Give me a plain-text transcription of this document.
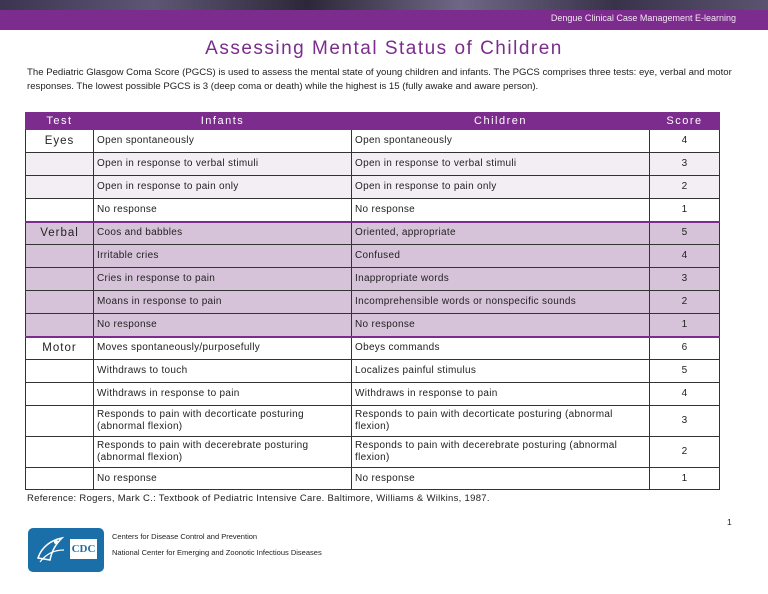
Dengue Clinical Case Management E-learning
Assessing Mental Status of Children
The Pediatric Glasgow Coma Score (PGCS) is used to assess the mental state of young children and infants. The PGCS comprises three tests: eye, verbal and motor responses. The lowest possible PGCS is 3 (deep coma or death) while the highest is 15 (fully awake and aware person).
Test	Infants	Children	Score
Eyes	Open spontaneously	Open spontaneously	4
	Open in response to verbal stimuli	Open in response to verbal stimuli	3
	Open in response to pain only	Open in response to pain only	2
	No response	No response	1
Verbal	Coos and babbles	Oriented, appropriate	5
	Irritable cries	Confused	4
	Cries in response to pain	Inappropriate words	3
	Moans in response to pain	Incomprehensible words or nonspecific sounds	2
	No response	No response	1
Motor	Moves spontaneously/purposefully	Obeys commands	6
	Withdraws to touch	Localizes painful stimulus	5
	Withdraws in response to pain	Withdraws in response to pain	4
	Responds to pain with decorticate posturing (abnormal flexion)	Responds to pain with decorticate posturing (abnormal flexion)	3
	Responds to pain with decerebrate posturing (abnormal flexion)	Responds to pain with decerebrate posturing (abnormal flexion)	2
	No response	No response	1
Reference: Rogers, Mark C.: Textbook of Pediatric Intensive Care. Baltimore, Williams & Wilkins, 1987.
1
CDC
Centers for Disease Control and Prevention
National Center for Emerging and Zoonotic Infectious Diseases
